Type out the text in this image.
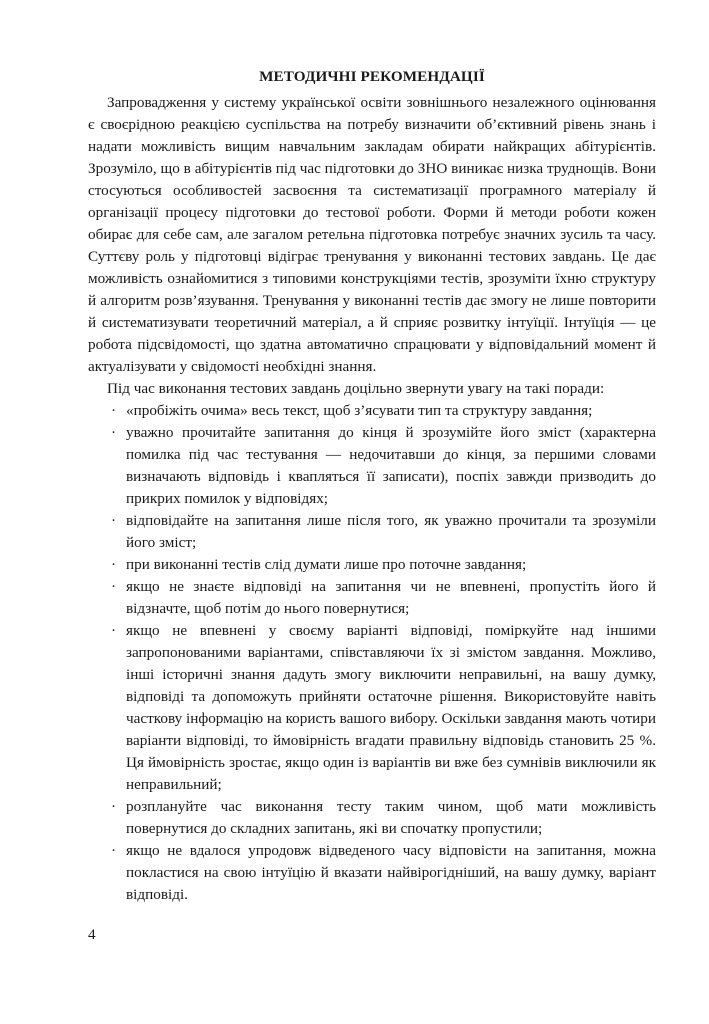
МЕТОДИЧНІ РЕКОМЕНДАЦІЇ

Запровадження у систему української освіти зовнішнього незалежного оцінювання є своєрідною реакцією суспільства на потребу визначити об’єктивний рівень знань і надати можливість вищим навчальним закладам обирати найкращих абітурієнтів. Зрозуміло, що в абітурієнтів під час підготовки до ЗНО виникає низка труднощів. Вони стосуються особливостей засвоєння та систематизації програмного матеріалу й організації процесу підготовки до тестової роботи. Форми й методи роботи кожен обирає для себе сам, але загалом ретельна підготовка потребує значних зусиль та часу. Суттєву роль у підготовці відіграє тренування у виконанні тестових завдань. Це дає можливість ознайомитися з типовими конструкціями тестів, зрозуміти їхню структуру й алгоритм розв’язування. Тренування у виконанні тестів дає змогу не лише повторити й систематизувати теоретичний матеріал, а й сприяє розвитку інтуїції. Інтуїція — це робота підсвідомості, що здатна автоматично спрацювати у відповідальний момент й актуалізувати у свідомості необхідні знання.

Під час виконання тестових завдань доцільно звернути увагу на такі поради:

· «пробіжіть очима» весь текст, щоб з’ясувати тип та структуру завдання;
· уважно прочитайте запитання до кінця й зрозумійте його зміст (характерна помилка під час тестування — недочитавши до кінця, за першими словами визначають відповідь і квапляться її записати), поспіх завжди призводить до прикрих помилок у відповідях;
· відповідайте на запитання лише після того, як уважно прочитали та зрозуміли його зміст;
· при виконанні тестів слід думати лише про поточне завдання;
· якщо не знаєте відповіді на запитання чи не впевнені, пропустіть його й відзначте, щоб потім до нього повернутися;
· якщо не впевнені у своєму варіанті відповіді, поміркуйте над іншими запропонованими варіантами, співставляючи їх зі змістом завдання. Можливо, інші історичні знання дадуть змогу виключити неправильні, на вашу думку, відповіді та допоможуть прийняти остаточне рішення. Використовуйте навіть часткову інформацію на користь вашого вибору. Оскільки завдання мають чотири варіанти відповіді, то ймовірність вгадати правильну відповідь становить 25 %. Ця ймовірність зростає, якщо один із варіантів ви вже без сумнівів виключили як неправильний;
· розплануйте час виконання тесту таким чином, щоб мати можливість повернутися до складних запитань, які ви спочатку пропустили;
· якщо не вдалося упродовж відведеного часу відповісти на запитання, можна покластися на свою інтуїцію й вказати найвірогідніший, на вашу думку, варіант відповіді.
4
